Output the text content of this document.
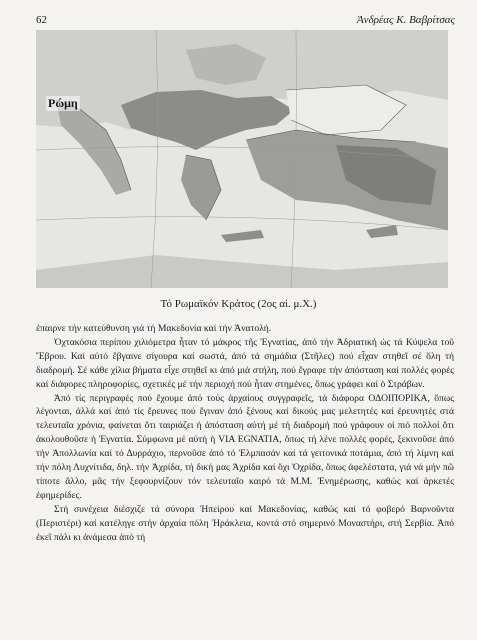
62	Ἀνδρέας Κ. Βαβρίτσας
Ρώμη
Τό Ρωμαϊκόν Κράτος (2ος αἰ. μ.Χ.)

ἐπαιρνε τήν κατεύθυνση γιά τή Μακεδονία καί τήν Ἀνατολή.

Ὀχτακόσια περίπου χιλιόμετρα ἦταν τό μάκρος τῆς Ἐγνατίας, ἀπό τήν Ἀδριατική ὡς τά Κύψελα τοῦ Ἕβρου. Καί αὐτό ἔβγαινε σίγουρα καί σωστά, ἀπό τά σημάδια (Στῆλες) πού εἶχαν στηθεῖ σέ ὅλη τή διαδρομή. Σέ κάθε χίλια βήματα εἶχε στηθεῖ κι ἀπό μιά στήλη, πού ἔγραφε τήν ἀπόσταση καί πολλές φορές καί διάφορες πληροφορίες, σχετικές μέ τήν περιοχή πού ἦταν στημένες, ὅπως γράφει καί ὁ Στράβων.

Ἀπό τίς περιγραφές πού ἔχουμε ἀπό τούς ἀρχαίους συγγραφεῖς, τά διάφορα ΟΔΟΙΠΟΡΙΚΑ, ὅπως λέγονται, ἀλλά καί ἀπό τίς ἔρευνες πού ἔγιναν ἀπό ξένους καί δικούς μας μελετητές καί ἐρευνητές στά τελευταῖα χρόνια, φαίνεται ὅτι ταιριάζει ἡ ἀπόσταση αὐτή μέ τή διαδρομή πού γράφουν οἱ πιό πολλοί ὅτι ἀκολουθοῦσε ἡ Ἐγνατία. Σύμφωνα μέ αὐτή ἡ VIA EGNATIA, ὅπως τή λένε πολλές φορές, ξεκινοῦσε ἀπό τήν Ἀπολλωνία καί τό Δυρράχιο, περνοῦσε ἀπό τό Ἐλμπασάν καί τά γειτονικά ποτάμια, ἀπό τή λίμνη καί τήν πόλη Λυχνίτιδα, δηλ. τήν Ἀχρίδα, τή δική μας Ἀχρίδα καί ὄχι Ὀχρίδα, ὅπως ἀφελέστατα, γιά νά μήν πῶ τίποτε ἄλλο, μᾶς τήν ξεφουρνίζουν τόν τελευταῖο καιρό τά Μ.Μ. Ἐνημέρωσης, καθώς καί ἀρκετές ἐφημερίδες.

Στή συνέχεια διέσχιζε τά σύνορα Ἠπείρου καί Μακεδονίας, καθώς καί τό φοβερό Βαρνοῦντα (Περιστέρι) καί κατέληγε στήν ἀρχαία πόλη Ἡράκλεια, κοντά στό σημερινό Μοναστήρι, στή Σερβία. Ἀπό ἐκεῖ πάλι κι ἀνάμεσα ἀπό τή
